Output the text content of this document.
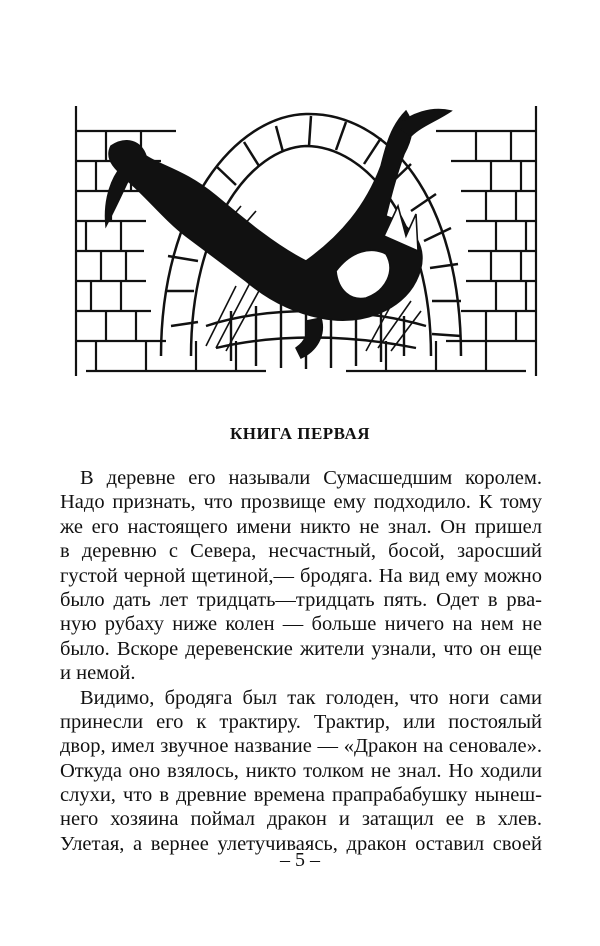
КНИГА ПЕРВАЯ
В деревне его называли Сумасшедшим королем.
Надо признать, что прозвище ему подходило. К тому
же его настоящего имени никто не знал. Он пришел
в деревню с Севера, несчастный, босой, заросший
густой черной щетиной,— бродяга. На вид ему можно
было дать лет тридцать—тридцать пять. Одет в рва-
ную рубаху ниже колен — больше ничего на нем не
было. Вскоре деревенские жители узнали, что он еще
и немой.
Видимо, бродяга был так голоден, что ноги сами
принесли его к трактиру. Трактир, или постоялый
двор, имел звучное название — «Дракон на сеновале».
Откуда оно взялось, никто толком не знал. Но ходили
слухи, что в древние времена прапрабабушку нынеш-
него хозяина поймал дракон и затащил ее в хлев.
Улетая, а вернее улетучиваясь, дракон оставил своей
– 5 –
